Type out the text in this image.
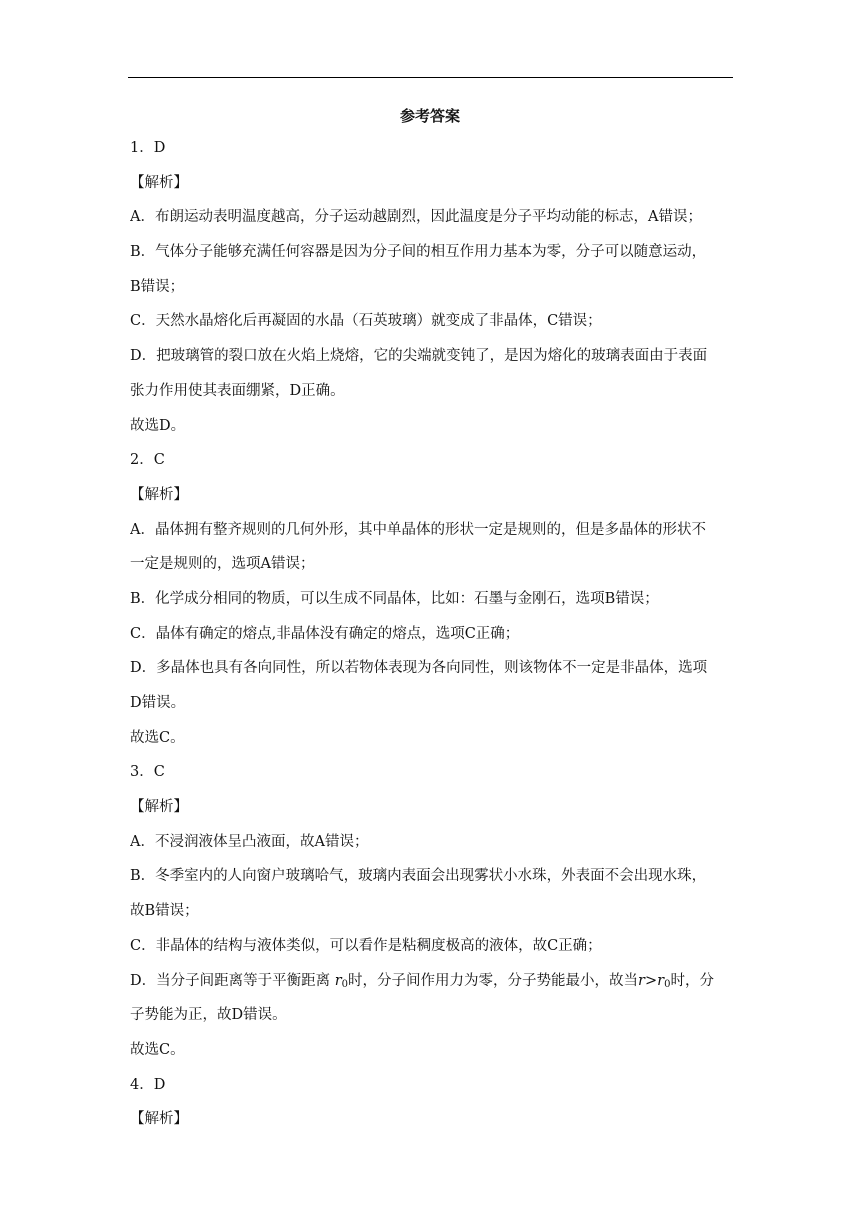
参考答案
1．D
【解析】
A．布朗运动表明温度越高，分子运动越剧烈，因此温度是分子平均动能的标志，A错误；
B．气体分子能够充满任何容器是因为分子间的相互作用力基本为零，分子可以随意运动，
B错误；
C．天然水晶熔化后再凝固的水晶（石英玻璃）就变成了非晶体，C错误；
D．把玻璃管的裂口放在火焰上烧熔，它的尖端就变钝了，是因为熔化的玻璃表面由于表面
张力作用使其表面绷紧，D正确。
故选D。
2．C
【解析】
A．晶体拥有整齐规则的几何外形，其中单晶体的形状一定是规则的，但是多晶体的形状不
一定是规则的，选项A错误；
B．化学成分相同的物质，可以生成不同晶体，比如：石墨与金刚石，选项B错误；
C．晶体有确定的熔点,非晶体没有确定的熔点，选项C正确；
D．多晶体也具有各向同性，所以若物体表现为各向同性，则该物体不一定是非晶体，选项
D错误。
故选C。
3．C
【解析】
A．不浸润液体呈凸液面，故A错误；
B．冬季室内的人向窗户玻璃哈气，玻璃内表面会出现雾状小水珠，外表面不会出现水珠，
故B错误；
C．非晶体的结构与液体类似，可以看作是粘稠度极高的液体，故C正确；
D．当分子间距离等于平衡距离 $r_0$时，分子间作用力为零，分子势能最小，故当$r>r_0$时，分
子势能为正，故D错误。
故选C。
4．D
【解析】
